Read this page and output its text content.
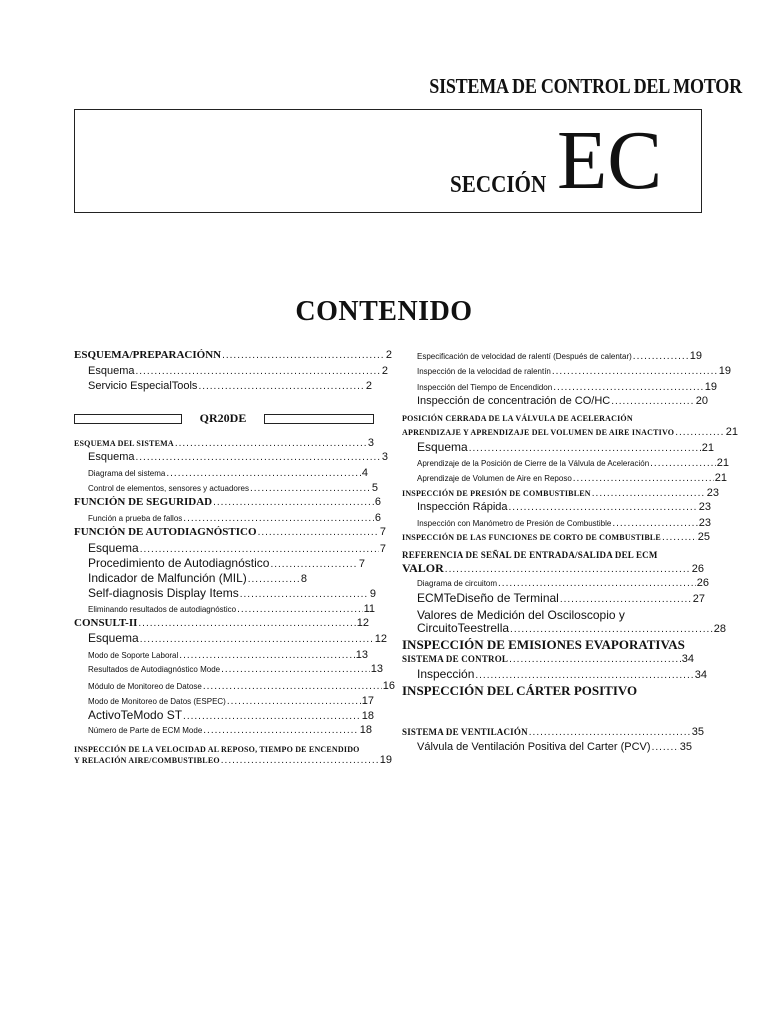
SISTEMA DE CONTROL DEL MOTOR
SECCIÓN EC
CONTENIDO
ESQUEMA/PREPARACIÓNN .....	2
Esquema .....	2
Servicio EspecialTools .....	2
QR20DE
ESQUEMA DEL SISTEMA .....	3
Esquema .....	3
Diagrama del sistema .....	4
Control de elementos, sensores y actuadores .....	5
FUNCIÓN DE SEGURIDAD .....	6
Función a prueba de fallos .....	6
FUNCIÓN DE AUTODIAGNÓSTICO .....	7
Esquema .....	7
Procedimiento de Autodiagnóstico .....	7
Indicador de Malfunción (MIL) .....	8
Self-diagnosis Display Items .....	9
Eliminando resultados de autodiagnóstico .....	11
CONSULT-II .....	12
Esquema .....	12
Modo de Soporte Laboral .....	13
Resultados de Autodiagnóstico Mode .....	13
Módulo de Monitoreo de Datose .....	16
Modo de Monitoreo de Datos (ESPEC) .....	17
ActivoTeModo ST .....	18
Número de Parte de ECM Mode .....	18
INSPECCIÓN DE LA VELOCIDAD AL REPOSO, TIEMPO DE ENCENDIDO
Y RELACIÓN AIRE/COMBUSTIBLEO .....	19
Especificación de velocidad de ralentí (Después de calentar) .....	19
Inspección de la velocidad de ralentín .....	19
Inspección del Tiempo de Encendidon .....	19
Inspección de concentración de CO/HC .....	20
POSICIÓN CERRADA DE LA VÁLVULA DE ACELERACIÓN
APRENDIZAJE Y APRENDIZAJE DEL VOLUMEN DE AIRE INACTIVO .....	21
Esquema .....	21
Aprendizaje de la Posición de Cierre de la Válvula de Aceleración .....	21
Aprendizaje de Volumen de Aire en Reposo .....	21
INSPECCIÓN DE PRESIÓN DE COMBUSTIBLEN .....	23
Inspección Rápida .....	23
Inspección con Manómetro de Presión de Combustible .....	23
INSPECCIÓN DE LAS FUNCIONES DE CORTO DE COMBUSTIBLE .....	25
REFERENCIA DE SEÑAL DE ENTRADA/SALIDA DEL ECM
VALOR .....	26
Diagrama de circuitom .....	26
ECMTeDiseño de Terminal .....	27
Valores de Medición del Osciloscopio y
CircuitoTeestrella .....	28
INSPECCIÓN DE EMISIONES EVAPORATIVAS
SISTEMA DE CONTROL .....	34
Inspección .....	34
INSPECCIÓN DEL CÁRTER POSITIVO
SISTEMA DE VENTILACIÓN .....	35
Válvula de Ventilación Positiva del Carter (PCV) .....	35
